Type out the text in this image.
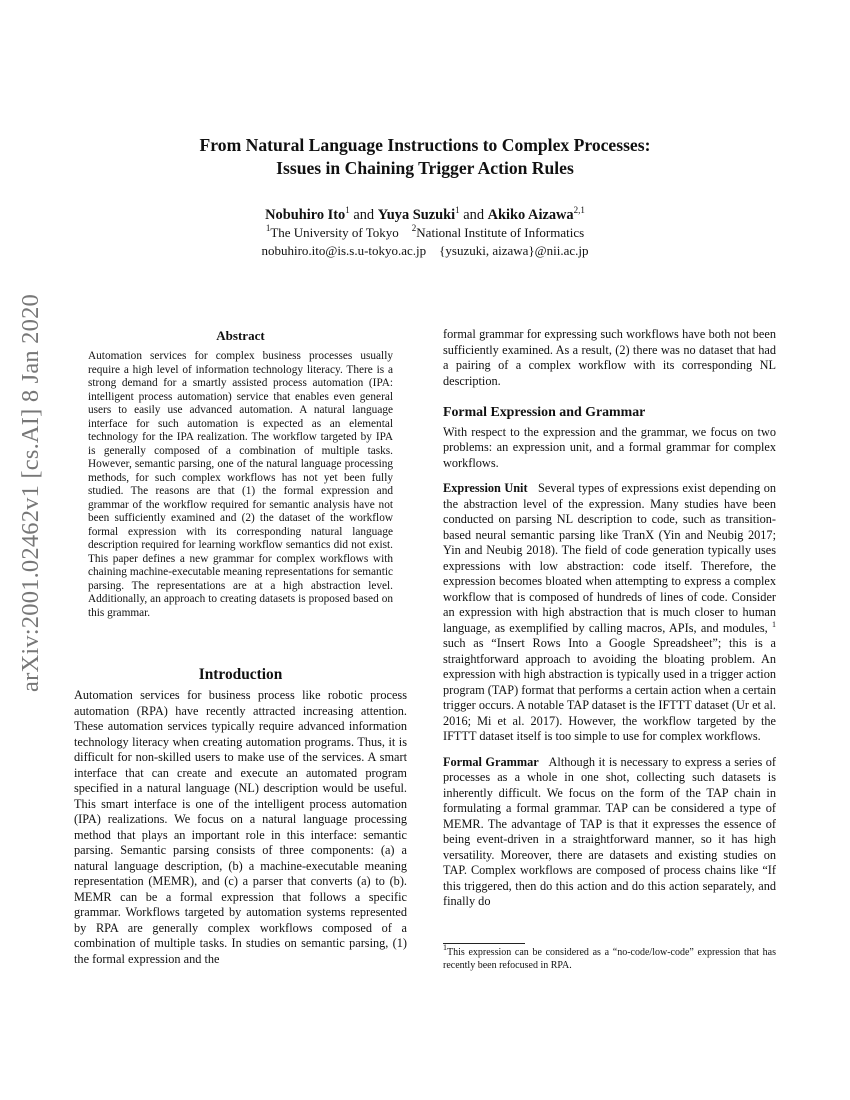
arXiv:2001.02462v1 [cs.AI] 8 Jan 2020
From Natural Language Instructions to Complex Processes:
Issues in Chaining Trigger Action Rules
Nobuhiro Ito$^1$ and Yuya Suzuki$^1$ and Akiko Aizawa$^{2,1}$
$^1$The University of Tokyo $^2$National Institute of Informatics
nobuhiro.ito@is.s.u-tokyo.ac.jp {ysuzuki, aizawa}@nii.ac.jp
Abstract
Automation services for complex business processes usually require a high level of information technology literacy. There is a strong demand for a smartly assisted process automation (IPA: intelligent process automation) service that enables even general users to easily use advanced automation. A natural language interface for such automation is expected as an elemental technology for the IPA realization. The workflow targeted by IPA is generally composed of a combination of multiple tasks. However, semantic parsing, one of the natural language processing methods, for such complex workflows has not yet been fully studied. The reasons are that (1) the formal expression and grammar of the workflow required for semantic analysis have not been sufficiently examined and (2) the dataset of the workflow formal expression with its corresponding natural language description required for learning workflow semantics did not exist. This paper defines a new grammar for complex workflows with chaining machine-executable meaning representations for semantic parsing. The representations are at a high abstraction level. Additionally, an approach to creating datasets is proposed based on this grammar.
Introduction
Automation services for business process like robotic process automation (RPA) have recently attracted increasing attention. These automation services typically require advanced information technology literacy when creating automation programs. Thus, it is difficult for non-skilled users to make use of the services. A smart interface that can create and execute an automated program specified in a natural language (NL) description would be useful. This smart interface is one of the intelligent process automation (IPA) realizations. We focus on a natural language processing method that plays an important role in this interface: semantic parsing. Semantic parsing consists of three components: (a) a natural language description, (b) a machine-executable meaning representation (MEMR), and (c) a parser that converts (a) to (b). MEMR can be a formal expression that follows a specific grammar. Workflows targeted by automation systems represented by RPA are generally complex workflows composed of a combination of multiple tasks. In studies on semantic parsing, (1) the formal expression and the

formal grammar for expressing such workflows have both not been sufficiently examined. As a result, (2) there was no dataset that had a pairing of a complex workflow with its corresponding NL description.

Formal Expression and Grammar

With respect to the expression and the grammar, we focus on two problems: an expression unit, and a formal grammar for complex workflows.

Expression Unit Several types of expressions exist depending on the abstraction level of the expression. Many studies have been conducted on parsing NL description to code, such as transition-based neural semantic parsing like TranX (Yin and Neubig 2017; Yin and Neubig 2018). The field of code generation typically uses expressions with low abstraction: code itself. Therefore, the expression becomes bloated when attempting to express a complex workflow that is composed of hundreds of lines of code. Consider an expression with high abstraction that is much closer to human language, as exemplified by calling macros, APIs, and modules, $^1$ such as “Insert Rows Into a Google Spreadsheet”; this is a straightforward approach to avoiding the bloating problem. An expression with high abstraction is typically used in a trigger action program (TAP) format that performs a certain action when a certain trigger occurs. A notable TAP dataset is the IFTTT dataset (Ur et al. 2016; Mi et al. 2017). However, the workflow targeted by the IFTTT dataset itself is too simple to use for complex workflows.

Formal Grammar Although it is necessary to express a series of processes as a whole in one shot, collecting such datasets is inherently difficult. We focus on the form of the TAP chain in formulating a formal grammar. TAP can be considered a type of MEMR. The advantage of TAP is that it expresses the essence of being event-driven in a straightforward manner, so it has high versatility. Moreover, there are datasets and existing studies on TAP. Complex workflows are composed of process chains like “If this triggered, then do this action and do this action separately, and finally do

$^1$This expression can be considered as a “no-code/low-code” expression that has recently been refocused in RPA.
